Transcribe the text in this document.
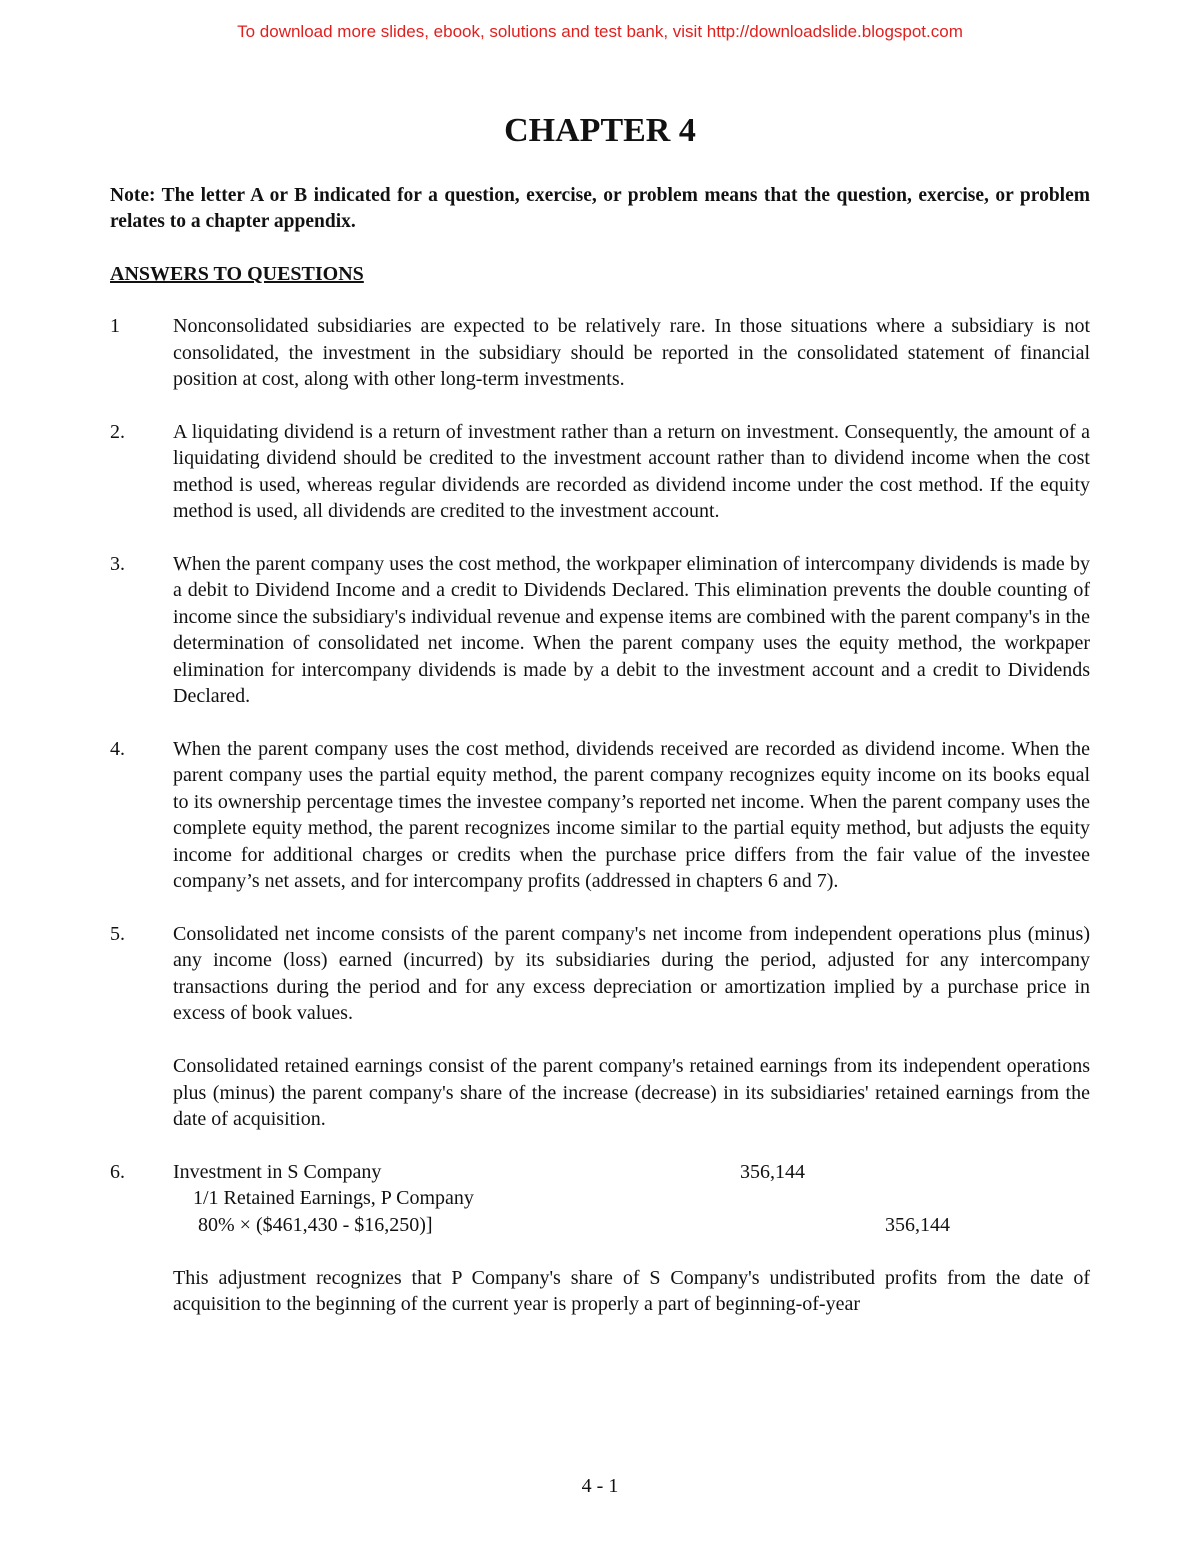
To download more slides, ebook, solutions and test bank, visit http://downloadslide.blogspot.com
CHAPTER 4

Note: The letter A or B indicated for a question, exercise, or problem means that the question, exercise, or problem relates to a chapter appendix.

ANSWERS TO QUESTIONS
1	Nonconsolidated subsidiaries are expected to be relatively rare. In those situations where a subsidiary is not consolidated, the investment in the subsidiary should be reported in the consolidated statement of financial position at cost, along with other long-term investments.

2. A liquidating dividend is a return of investment rather than a return on investment. Consequently, the amount of a liquidating dividend should be credited to the investment account rather than to dividend income when the cost method is used, whereas regular dividends are recorded as dividend income under the cost method. If the equity method is used, all dividends are credited to the investment account.

3. When the parent company uses the cost method, the workpaper elimination of intercompany dividends is made by a debit to Dividend Income and a credit to Dividends Declared. This elimination prevents the double counting of income since the subsidiary's individual revenue and expense items are combined with the parent company's in the determination of consolidated net income. When the parent company uses the equity method, the workpaper elimination for intercompany dividends is made by a debit to the investment account and a credit to Dividends Declared.

4. When the parent company uses the cost method, dividends received are recorded as dividend income. When the parent company uses the partial equity method, the parent company recognizes equity income on its books equal to its ownership percentage times the investee company’s reported net income. When the parent company uses the complete equity method, the parent recognizes income similar to the partial equity method, but adjusts the equity income for additional charges or credits when the purchase price differs from the fair value of the investee company’s net assets, and for intercompany profits (addressed in chapters 6 and 7).

5. Consolidated net income consists of the parent company's net income from independent operations plus (minus) any income (loss) earned (incurred) by its subsidiaries during the period, adjusted for any intercompany transactions during the period and for any excess depreciation or amortization implied by a purchase price in excess of book values.

Consolidated retained earnings consist of the parent company's retained earnings from its independent operations plus (minus) the parent company's share of the increase (decrease) in its subsidiaries' retained earnings from the date of acquisition.

6. Investment in S Company	356,144
1/1 Retained Earnings, P Company
80% × ($461,430 - $16,250)]	356,144

This adjustment recognizes that P Company's share of S Company's undistributed profits from the date of acquisition to the beginning of the current year is properly a part of beginning-of-year

4 - 1
